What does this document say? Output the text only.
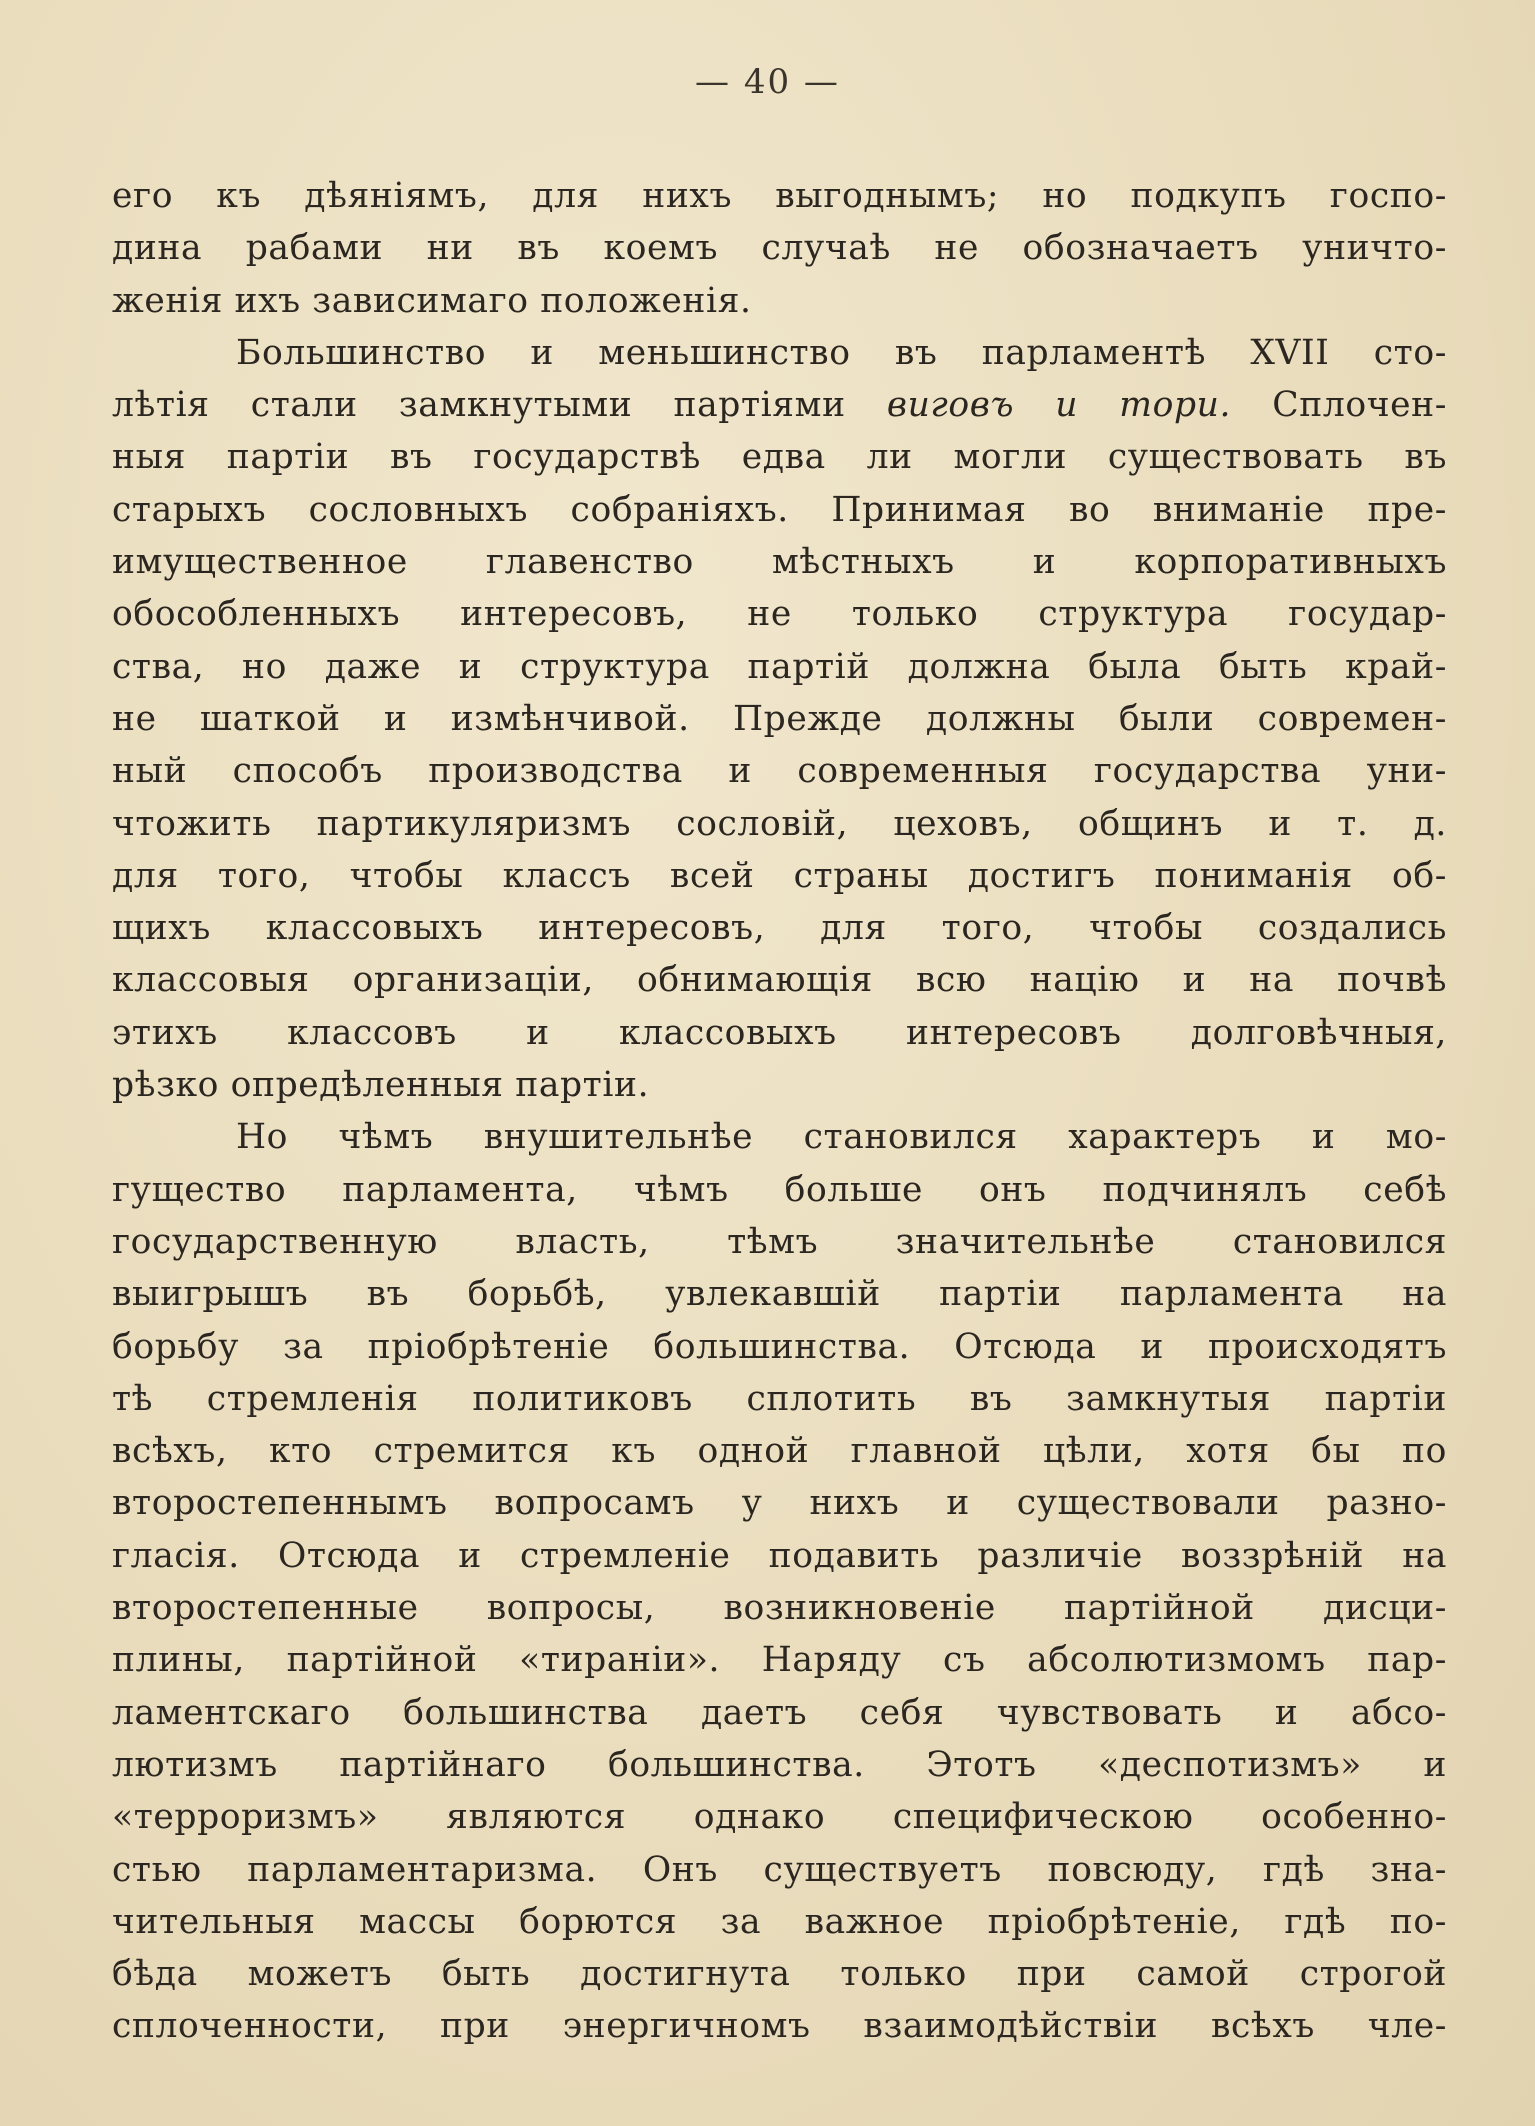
— 40 —
его къ дѣяніямъ, для нихъ выгоднымъ; но подкупъ госпо-
дина рабами ни въ коемъ случаѣ не обозначаетъ уничто-
женія ихъ зависимаго положенія.
Большинство и меньшинство въ парламентѣ XVII сто-
лѣтія стали замкнутыми партіями виговъ и тори. Сплочен-
ныя партіи въ государствѣ едва ли могли существовать въ
старыхъ сословныхъ собраніяхъ. Принимая во вниманіе пре-
имущественное главенство мѣстныхъ и корпоративныхъ
обособленныхъ интересовъ, не только структура государ-
ства, но даже и структура партій должна была быть край-
не шаткой и измѣнчивой. Прежде должны были современ-
ный способъ производства и современныя государства уни-
чтожить партикуляризмъ сословій, цеховъ, общинъ и т. д.
для того, чтобы классъ всей страны достигъ пониманія об-
щихъ классовыхъ интересовъ, для того, чтобы создались
классовыя организаціи, обнимающія всю націю и на почвѣ
этихъ классовъ и классовыхъ интересовъ долговѣчныя,
рѣзко опредѣленныя партіи.
Но чѣмъ внушительнѣе становился характеръ и мо-
гущество парламента, чѣмъ больше онъ подчинялъ себѣ
государственную власть, тѣмъ значительнѣе становился
выигрышъ въ борьбѣ, увлекавшій партіи парламента на
борьбу за пріобрѣтеніе большинства. Отсюда и происходятъ
тѣ стремленія политиковъ сплотить въ замкнутыя партіи
всѣхъ, кто стремится къ одной главной цѣли, хотя бы по
второстепеннымъ вопросамъ у нихъ и существовали разно-
гласія. Отсюда и стремленіе подавить различіе воззрѣній на
второстепенные вопросы, возникновеніе партійной дисци-
плины, партійной «тираніи». Наряду съ абсолютизмомъ пар-
ламентскаго большинства даетъ себя чувствовать и абсо-
лютизмъ партійнаго большинства. Этотъ «деспотизмъ» и
«терроризмъ» являются однако специфическою особенно-
стью парламентаризма. Онъ существуетъ повсюду, гдѣ зна-
чительныя массы борются за важное пріобрѣтеніе, гдѣ по-
бѣда можетъ быть достигнута только при самой строгой
сплоченности, при энергичномъ взаимодѣйствіи всѣхъ чле-
